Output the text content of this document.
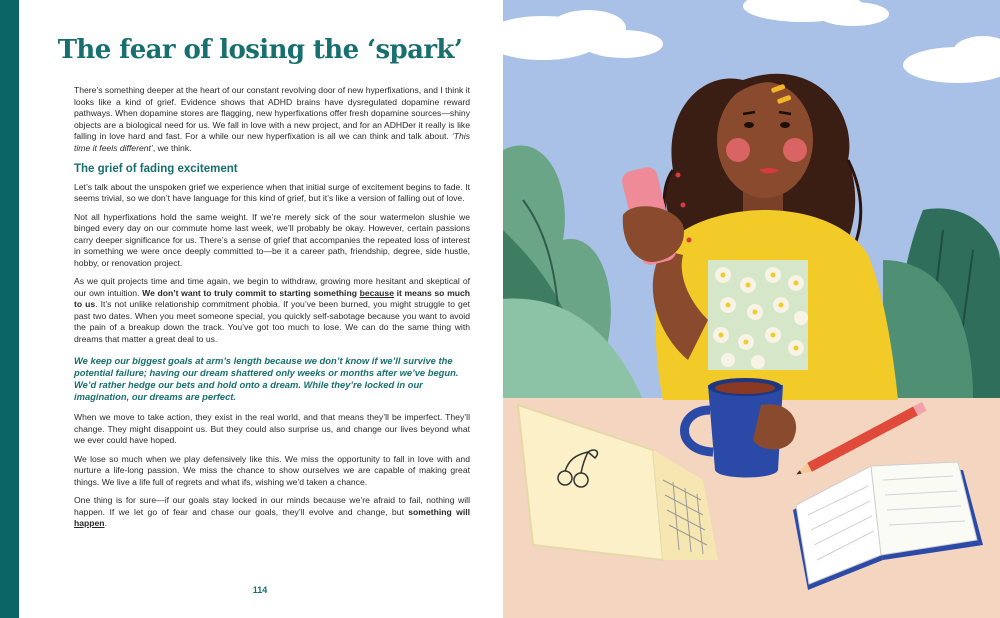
The fear of losing the ‘spark’

There’s something deeper at the heart of our constant revolving door of new hyperfixations, and I think it looks like a kind of grief. Evidence shows that ADHD brains have dysregulated dopamine reward pathways. When dopamine stores are flagging, new hyperfixations offer fresh dopamine sources—shiny objects are a biological need for us. We fall in love with a new project, and for an ADHDer it really is like falling in love hard and fast. For a while our new hyperfixation is all we can think and talk about. ‘This time it feels different’, we think.

The grief of fading excitement

Let’s talk about the unspoken grief we experience when that initial surge of excitement begins to fade. It seems trivial, so we don’t have language for this kind of grief, but it’s like a version of falling out of love.

Not all hyperfixations hold the same weight. If we’re merely sick of the sour watermelon slushie we binged every day on our commute home last week, we’ll probably be okay. However, certain passions carry deeper significance for us. There’s a sense of grief that accompanies the repeated loss of interest in something we were once deeply committed to—be it a career path, friendship, degree, side hustle, hobby, or renovation project.

As we quit projects time and time again, we begin to withdraw, growing more hesitant and skeptical of our own intuition. We don’t want to truly commit to starting something because it means so much to us. It’s not unlike relationship commitment phobia. If you’ve been burned, you might struggle to get past two dates. When you meet someone special, you quickly self-sabotage because you want to avoid the pain of a breakup down the track. You’ve got too much to lose. We can do the same thing with dreams that matter a great deal to us.

We keep our biggest goals at arm’s length because we don’t know if we’ll survive the potential failure; having our dream shattered only weeks or months after we’ve begun. We’d rather hedge our bets and hold onto a dream. While they’re locked in our imagination, our dreams are perfect.

When we move to take action, they exist in the real world, and that means they’ll be imperfect. They’ll change. They might disappoint us. But they could also surprise us, and change our lives beyond what we ever could have hoped.

We lose so much when we play defensively like this. We miss the opportunity to fall in love with and nurture a life-long passion. We miss the chance to show ourselves we are capable of making great things. We live a life full of regrets and what ifs, wishing we’d taken a chance.

One thing is for sure—if our goals stay locked in our minds because we’re afraid to fail, nothing will happen. If we let go of fear and chase our goals, they’ll evolve and change, but something will happen.

114
